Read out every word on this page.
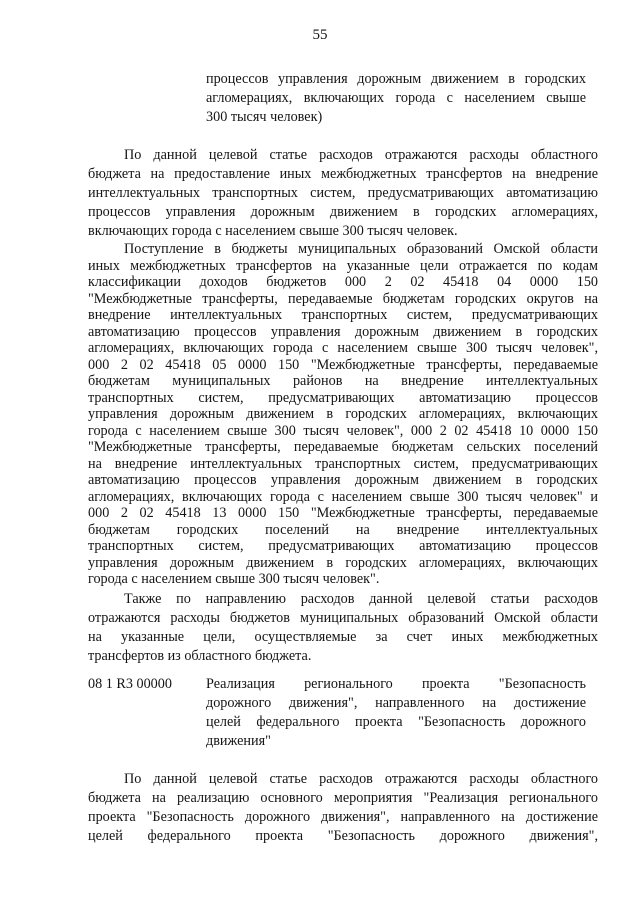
55

процессов управления дорожным движением в городских

агломерациях, включающих города с населением свыше

300 тысяч человек)

По данной целевой статье расходов отражаются расходы областного

бюджета на предоставление иных межбюджетных трансфертов на внедрение

интеллектуальных транспортных систем, предусматривающих автоматизацию

процессов управления дорожным движением в городских агломерациях,

включающих города с населением свыше 300 тысяч человек.

Поступление в бюджеты муниципальных образований Омской области

иных межбюджетных трансфертов на указанные цели отражается по кодам

классификации доходов бюджетов 000 2 02 45418 04 0000 150

"Межбюджетные трансферты, передаваемые бюджетам городских округов на

внедрение интеллектуальных транспортных систем, предусматривающих

автоматизацию процессов управления дорожным движением в городских

агломерациях, включающих города с населением свыше 300 тысяч человек",

000 2 02 45418 05 0000 150 "Межбюджетные трансферты, передаваемые

бюджетам муниципальных районов на внедрение интеллектуальных

транспортных систем, предусматривающих автоматизацию процессов

управления дорожным движением в городских агломерациях, включающих

города с населением свыше 300 тысяч человек", 000 2 02 45418 10 0000 150

"Межбюджетные трансферты, передаваемые бюджетам сельских поселений

на внедрение интеллектуальных транспортных систем, предусматривающих

автоматизацию процессов управления дорожным движением в городских

агломерациях, включающих города с населением свыше 300 тысяч человек" и

000 2 02 45418 13 0000 150 "Межбюджетные трансферты, передаваемые

бюджетам городских поселений на внедрение интеллектуальных

транспортных систем, предусматривающих автоматизацию процессов

управления дорожным движением в городских агломерациях, включающих

города с населением свыше 300 тысяч человек".

Также по направлению расходов данной целевой статьи расходов

отражаются расходы бюджетов муниципальных образований Омской области

на указанные цели, осуществляемые за счет иных межбюджетных

трансфертов из областного бюджета.

08 1 R3 00000 Реализация регионального проекта "Безопасность

дорожного движения", направленного на достижение

целей федерального проекта "Безопасность дорожного

движения"

По данной целевой статье расходов отражаются расходы областного

бюджета на реализацию основного мероприятия "Реализация регионального

проекта "Безопасность дорожного движения", направленного на достижение

целей федерального проекта "Безопасность дорожного движения",
